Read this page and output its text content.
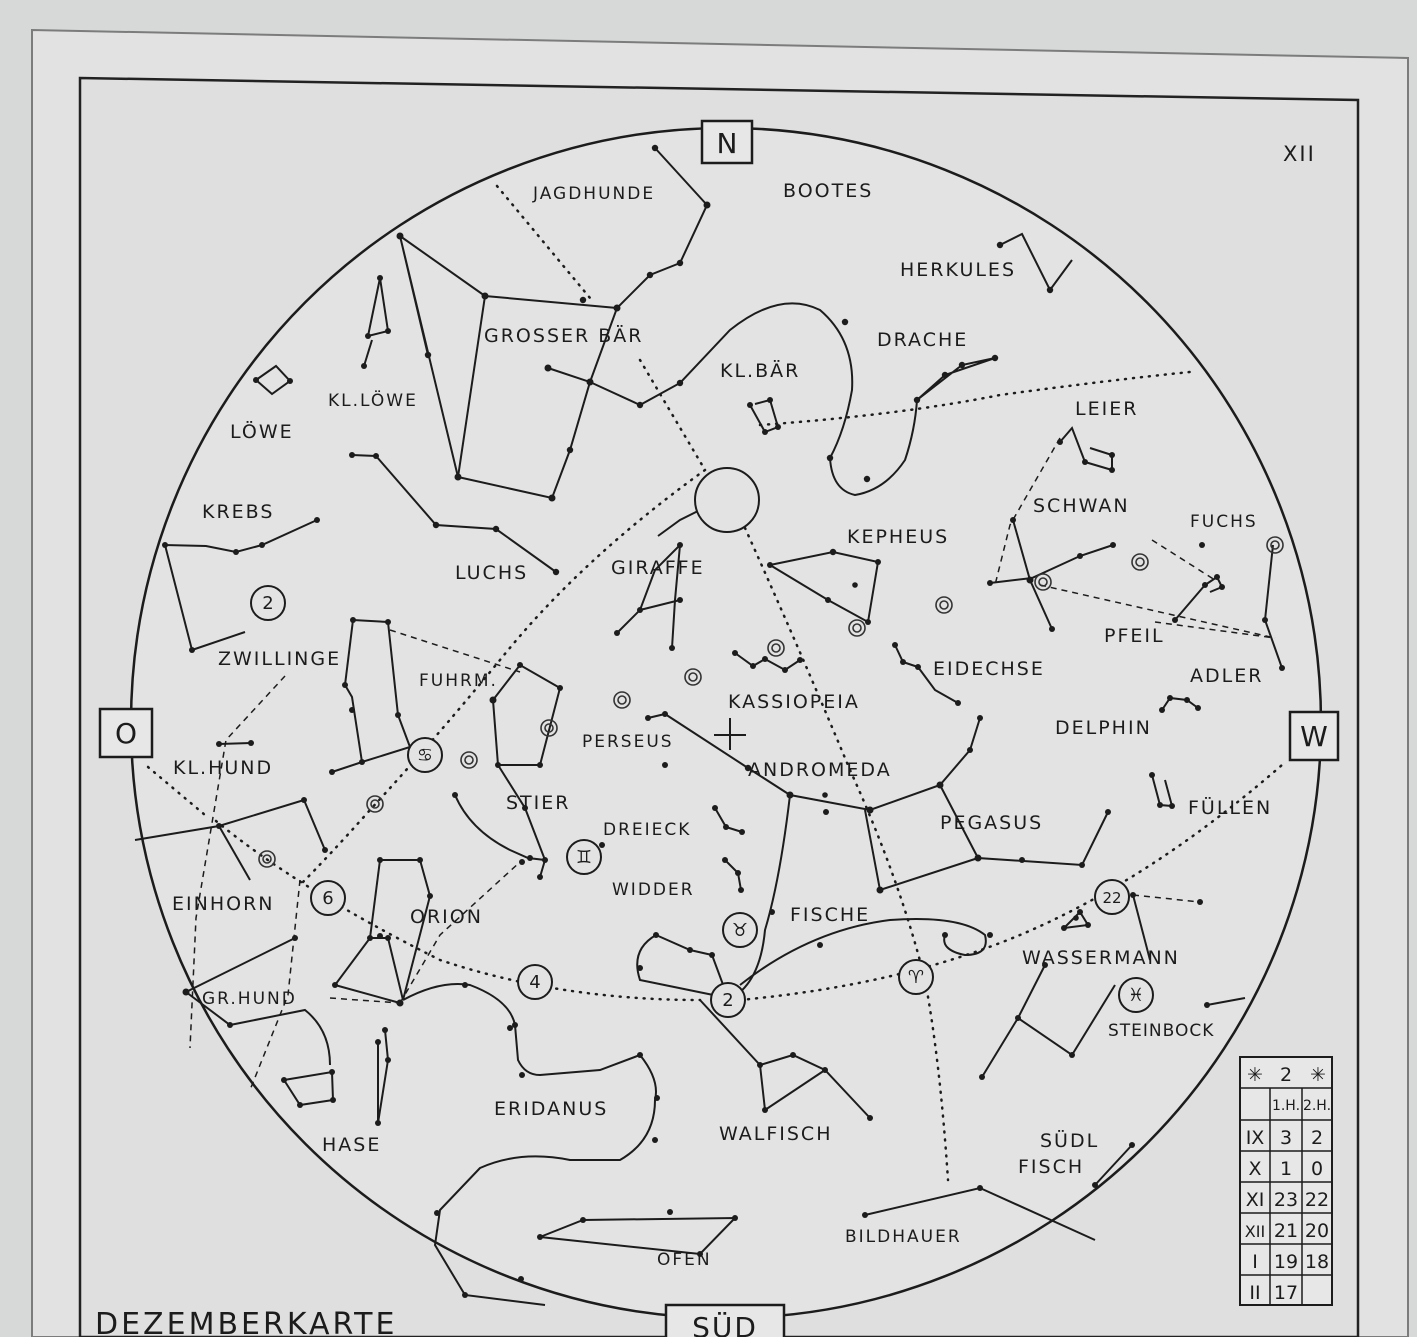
2
6
4
2
22
♋
♊
♉
♈
♓
N
O	W
SÜD
XII
JAGDHUNDE	BOOTES
HERKULES
GROSSER BÄR	DRACHE
KL.BÄR
KL.LÖWE
LÖWE
LEIER
KREBS	SCHWAN
FUCHS
KEPHEUS
LUCHS	GIRAFFE
ZWILLINGE
PFEIL
EIDECHSE
FUHRM.	ADLER
KASSIOPEIA
DELPHIN
KL.HUND
PERSEUS
ANDROMEDA
STIER	FÜLLEN
PEGASUS
DREIECK
WIDDER
EINHORN
ORION	FISCHE
WASSERMANN
GR.HUND
STEINBOCK
ERIDANUS
WALFISCH
HASE	SÜDL
FISCH
BILDHAUER
OFEN
DEZEMBERKARTE
✳ 2 ✳
1.H. 2.H.
IX 3 2
X 1 0
XI 23 22
XII 21 20
I 19 18
II 17
